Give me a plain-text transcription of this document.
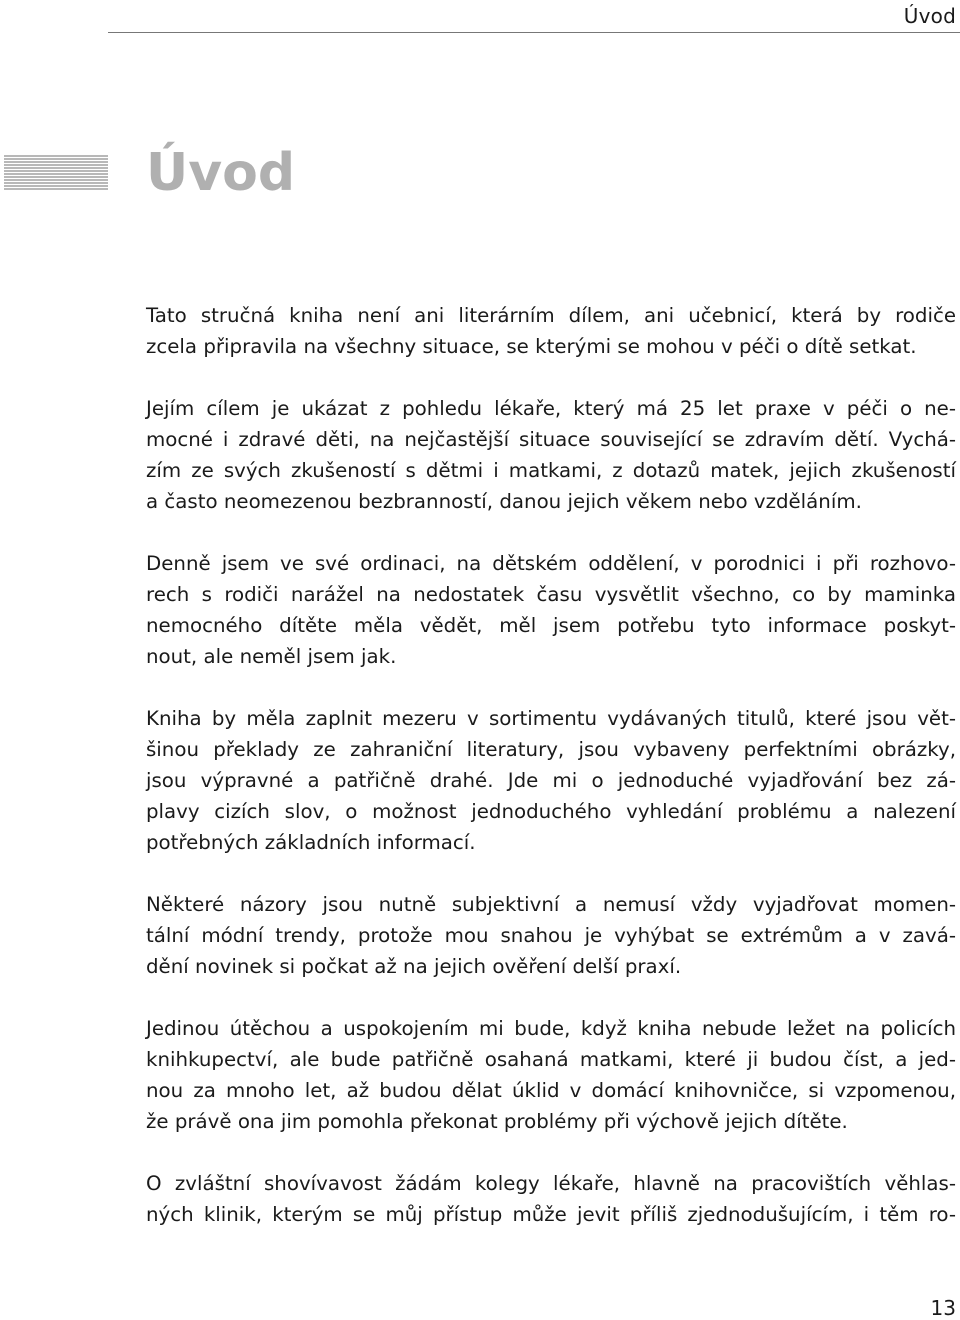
Úvod
Úvod

Tato stručná kniha není ani literárním dílem, ani učebnicí, která by rodiče
zcela připravila na všechny situace, se kterými se mohou v péči o dítě setkat.

Jejím cílem je ukázat z pohledu lékaře, který má 25 let praxe v péči o ne-
mocné i zdravé děti, na nejčastější situace související se zdravím dětí. Vychá-
zím ze svých zkušeností s dětmi i matkami, z dotazů matek, jejich zkušeností
a často neomezenou bezbranností, danou jejich věkem nebo vzděláním.

Denně jsem ve své ordinaci, na dětském oddělení, v porodnici i při rozhovo-
rech s rodiči narážel na nedostatek času vysvětlit všechno, co by maminka
nemocného dítěte měla vědět, měl jsem potřebu tyto informace poskyt-
nout, ale neměl jsem jak.

Kniha by měla zaplnit mezeru v sortimentu vydávaných titulů, které jsou vět-
šinou překlady ze zahraniční literatury, jsou vybaveny perfektními obrázky,
jsou výpravné a patřičně drahé. Jde mi o jednoduché vyjadřování bez zá-
plavy cizích slov, o možnost jednoduchého vyhledání problému a nalezení
potřebných základních informací.

Některé názory jsou nutně subjektivní a nemusí vždy vyjadřovat momen-
tální módní trendy, protože mou snahou je vyhýbat se extrémům a v zavá-
dění novinek si počkat až na jejich ověření delší praxí.

Jedinou útěchou a uspokojením mi bude, když kniha nebude ležet na policích
knihkupectví, ale bude patřičně osahaná matkami, které ji budou číst, a jed-
nou za mnoho let, až budou dělat úklid v domácí knihovničce, si vzpomenou,
že právě ona jim pomohla překonat problémy při výchově jejich dítěte.

O zvláštní shovívavost žádám kolegy lékaře, hlavně na pracovištích věhlas-
ných klinik, kterým se můj přístup může jevit příliš zjednodušujícím, i těm ro-

13
